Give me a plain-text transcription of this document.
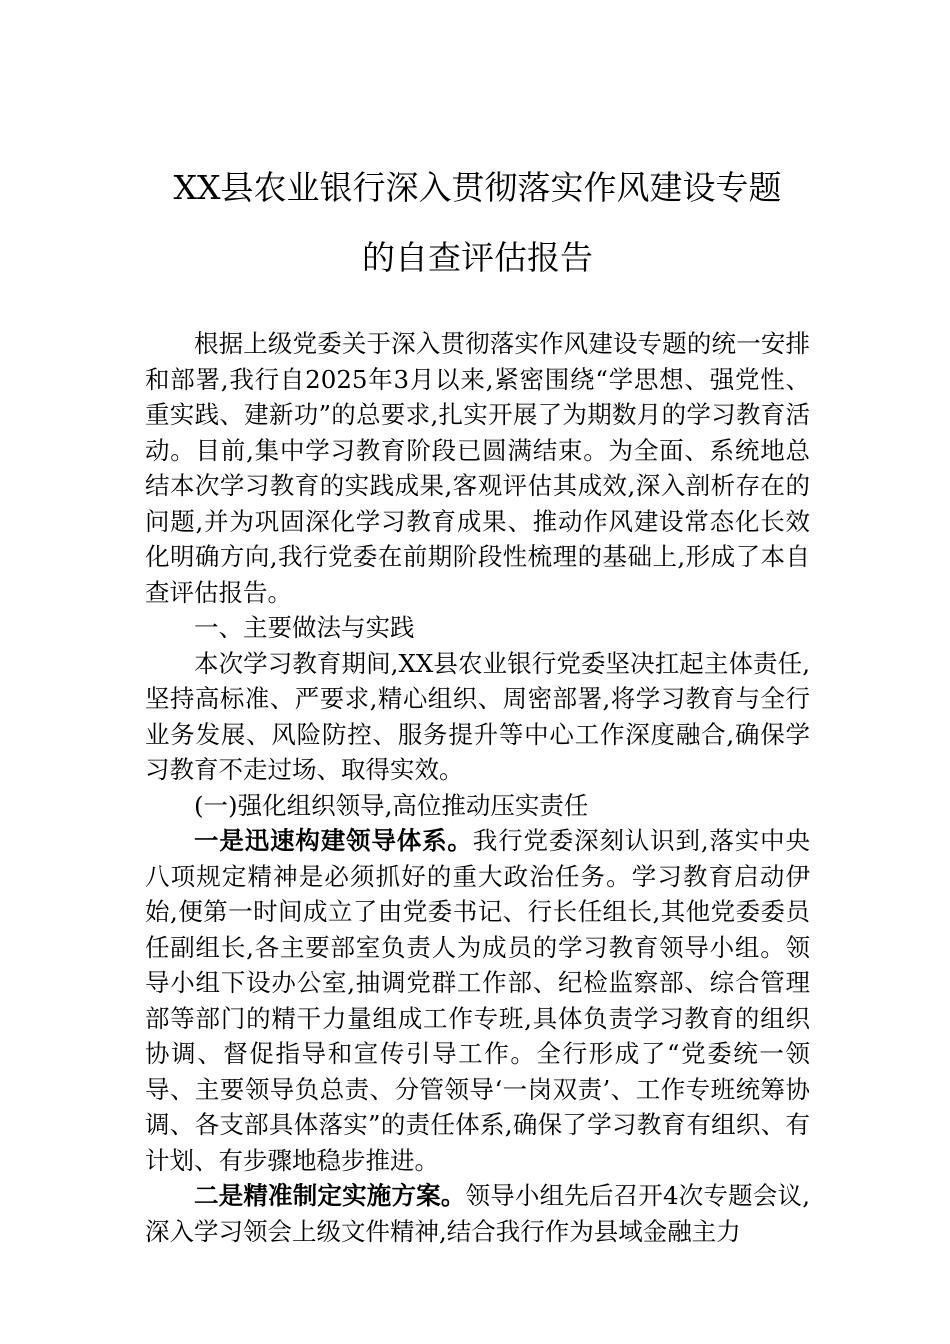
XX县农业银行深入贯彻落实作风建设专题
的自查评估报告

根据上级党委关于深入贯彻落实作风建设专题的统一安排和部署,我行自2025年3月以来,紧密围绕“学思想、强党性、重实践、建新功”的总要求,扎实开展了为期数月的学习教育活动。目前,集中学习教育阶段已圆满结束。为全面、系统地总结本次学习教育的实践成果,客观评估其成效,深入剖析存在的问题,并为巩固深化学习教育成果、推动作风建设常态化长效化明确方向,我行党委在前期阶段性梳理的基础上,形成了本自查评估报告。

一、主要做法与实践

本次学习教育期间,XX县农业银行党委坚决扛起主体责任,坚持高标准、严要求,精心组织、周密部署,将学习教育与全行业务发展、风险防控、服务提升等中心工作深度融合,确保学习教育不走过场、取得实效。

(一)强化组织领导,高位推动压实责任

一是迅速构建领导体系。我行党委深刻认识到,落实中央八项规定精神是必须抓好的重大政治任务。学习教育启动伊始,便第一时间成立了由党委书记、行长任组长,其他党委委员任副组长,各主要部室负责人为成员的学习教育领导小组。领导小组下设办公室,抽调党群工作部、纪检监察部、综合管理部等部门的精干力量组成工作专班,具体负责学习教育的组织协调、督促指导和宣传引导工作。全行形成了“党委统一领导、主要领导负总责、分管领导‘一岗双责’、工作专班统筹协调、各支部具体落实”的责任体系,确保了学习教育有组织、有计划、有步骤地稳步推进。

二是精准制定实施方案。领导小组先后召开4次专题会议,深入学习领会上级文件精神,结合我行作为县域金融主力
